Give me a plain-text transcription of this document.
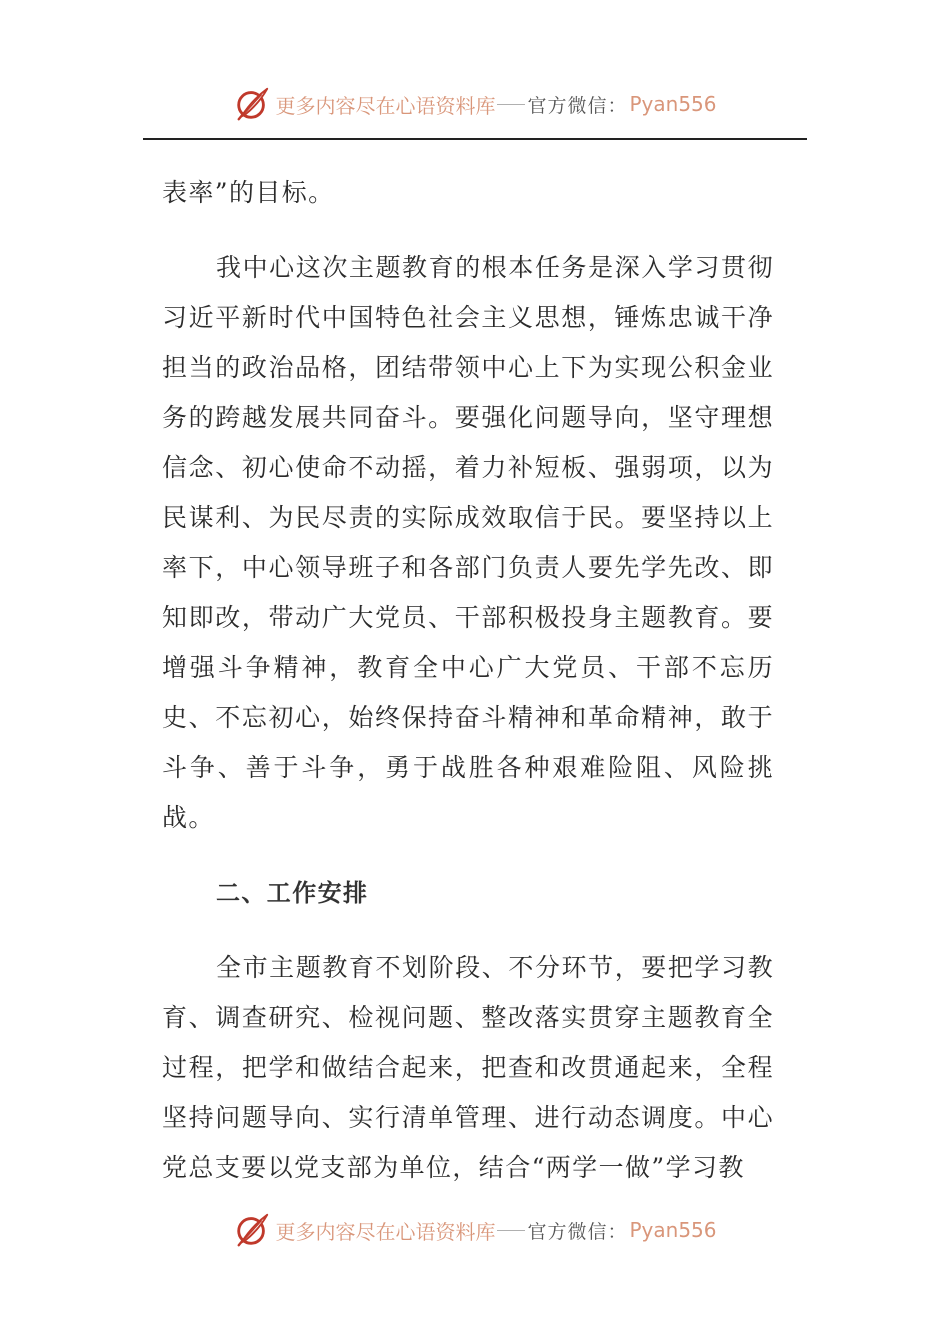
更多内容尽在心语资料库 官方微信： Pyan556

表率”的目标。

我中心这次主题教育的根本任务是深入学习贯彻习近平新时代中国特色社会主义思想，锤炼忠诚干净担当的政治品格，团结带领中心上下为实现公积金业务的跨越发展共同奋斗。要强化问题导向，坚守理想信念、初心使命不动摇，着力补短板、强弱项，以为民谋利、为民尽责的实际成效取信于民。要坚持以上率下，中心领导班子和各部门负责人要先学先改、即知即改，带动广大党员、干部积极投身主题教育。要增强斗争精神，教育全中心广大党员、干部不忘历史、不忘初心，始终保持奋斗精神和革命精神，敢于斗争、善于斗争，勇于战胜各种艰难险阻、风险挑战。

二、工作安排

全市主题教育不划阶段、不分环节，要把学习教育、调查研究、检视问题、整改落实贯穿主题教育全过程，把学和做结合起来，把查和改贯通起来，全程坚持问题导向、实行清单管理、进行动态调度。中心党总支要以党支部为单位，结合“两学一做”学习教

更多内容尽在心语资料库 官方微信： Pyan556
